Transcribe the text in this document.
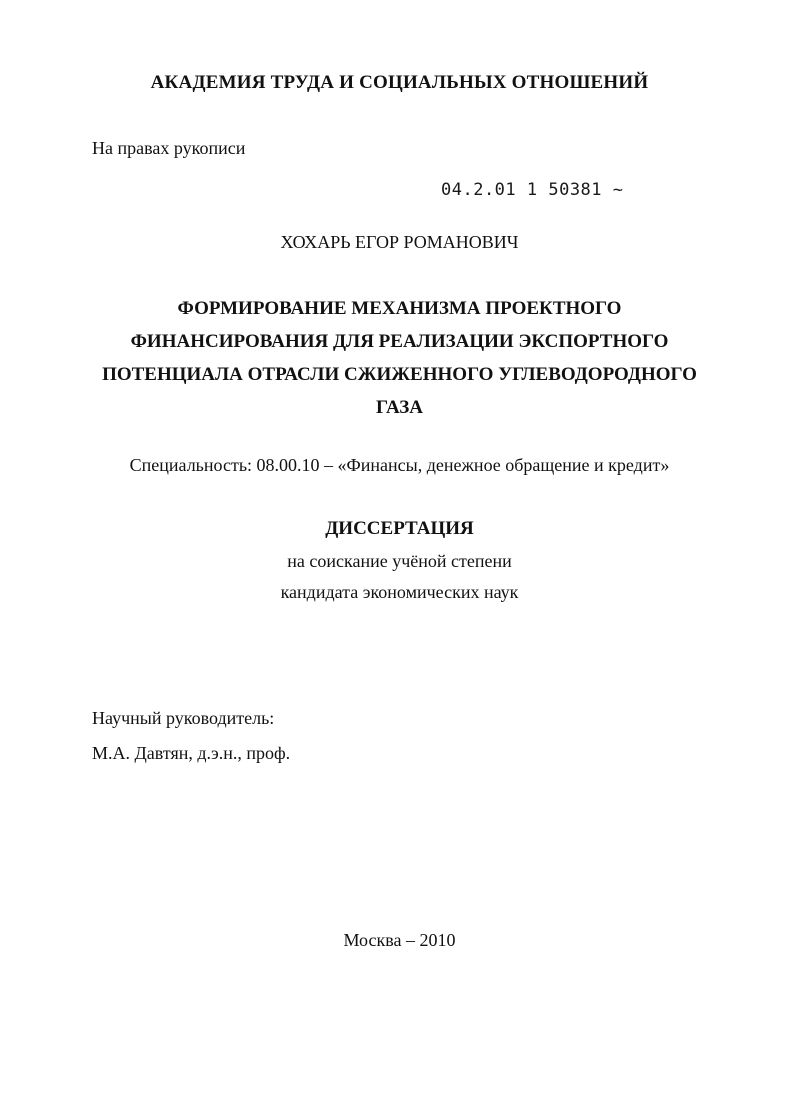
АКАДЕМИЯ ТРУДА И СОЦИАЛЬНЫХ ОТНОШЕНИЙ
На правах рукописи
04.2.01 1 50381 ~
ХОХАРЬ ЕГОР РОМАНОВИЧ
ФОРМИРОВАНИЕ МЕХАНИЗМА ПРОЕКТНОГО
ФИНАНСИРОВАНИЯ ДЛЯ РЕАЛИЗАЦИИ ЭКСПОРТНОГО
ПОТЕНЦИАЛА ОТРАСЛИ СЖИЖЕННОГО УГЛЕВОДОРОДНОГО
ГАЗА
Специальность: 08.00.10 – «Финансы, денежное обращение и кредит»
ДИССЕРТАЦИЯ
на соискание учёной степени
кандидата экономических наук
Научный руководитель:
М.А. Давтян, д.э.н., проф.
Москва – 2010
